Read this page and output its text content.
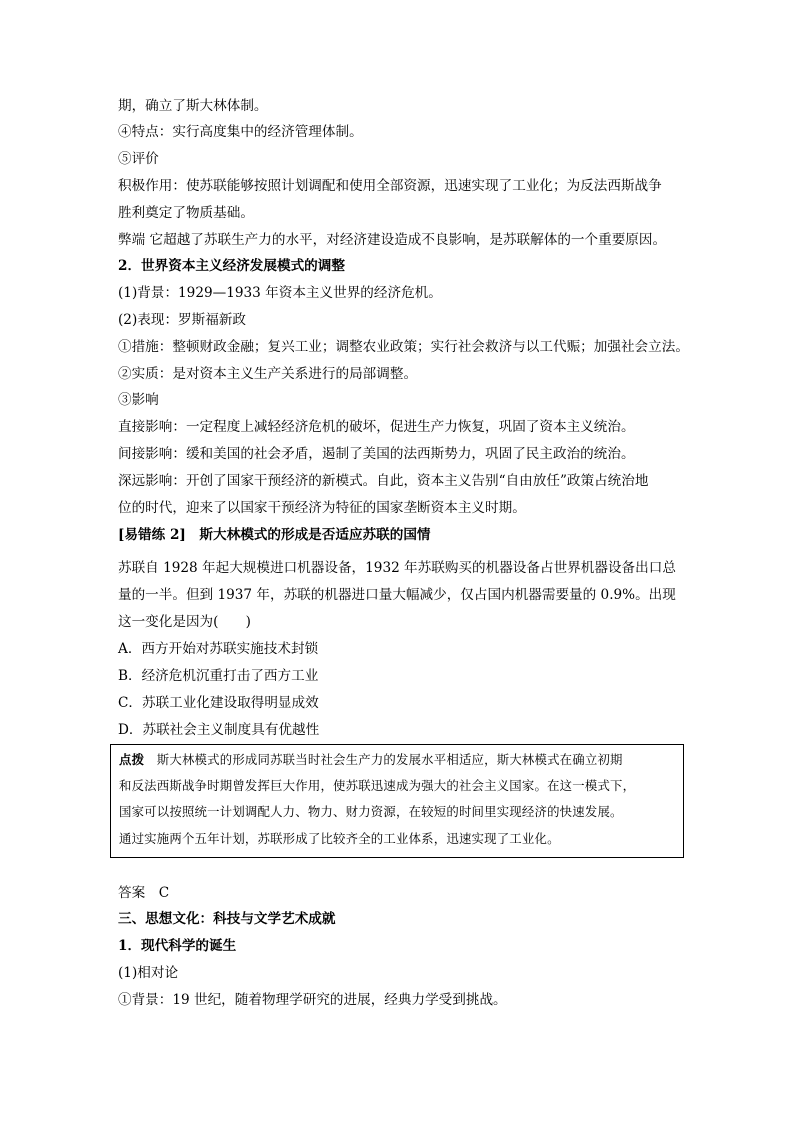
期，确立了斯大林体制。
④特点：实行高度集中的经济管理体制。
⑤评价
积极作用：使苏联能够按照计划调配和使用全部资源，迅速实现了工业化；为反法西斯战争
胜利奠定了物质基础。
弊端 它超越了苏联生产力的水平，对经济建设造成不良影响，是苏联解体的一个重要原因。
2．世界资本主义经济发展模式的调整
(1)背景：1929—1933 年资本主义世界的经济危机。
(2)表现：罗斯福新政
①措施：整顿财政金融；复兴工业；调整农业政策；实行社会救济与以工代赈；加强社会立法。
②实质：是对资本主义生产关系进行的局部调整。
③影响
直接影响：一定程度上减轻经济危机的破坏，促进生产力恢复，巩固了资本主义统治。
间接影响：缓和美国的社会矛盾，遏制了美国的法西斯势力，巩固了民主政治的统治。
深远影响：开创了国家干预经济的新模式。自此，资本主义告别“自由放任”政策占统治地
位的时代，迎来了以国家干预经济为特征的国家垄断资本主义时期。
[易错练 2]　斯大林模式的形成是否适应苏联的国情
苏联自 1928 年起大规模进口机器设备，1932 年苏联购买的机器设备占世界机器设备出口总
量的一半。但到 1937 年，苏联的机器进口量大幅减少，仅占国内机器需要量的 0.9%。出现
这一变化是因为(　　)
A．西方开始对苏联实施技术封锁
B．经济危机沉重打击了西方工业
C．苏联工业化建设取得明显成效
D．苏联社会主义制度具有优越性
答案　C
三、思想文化：科技与文学艺术成就
1．现代科学的诞生
(1)相对论
①背景：19 世纪，随着物理学研究的进展，经典力学受到挑战。
点拨　斯大林模式的形成同苏联当时社会生产力的发展水平相适应，斯大林模式在确立初期
和反法西斯战争时期曾发挥巨大作用，使苏联迅速成为强大的社会主义国家。在这一模式下，
国家可以按照统一计划调配人力、物力、财力资源，在较短的时间里实现经济的快速发展。
通过实施两个五年计划，苏联形成了比较齐全的工业体系，迅速实现了工业化。
